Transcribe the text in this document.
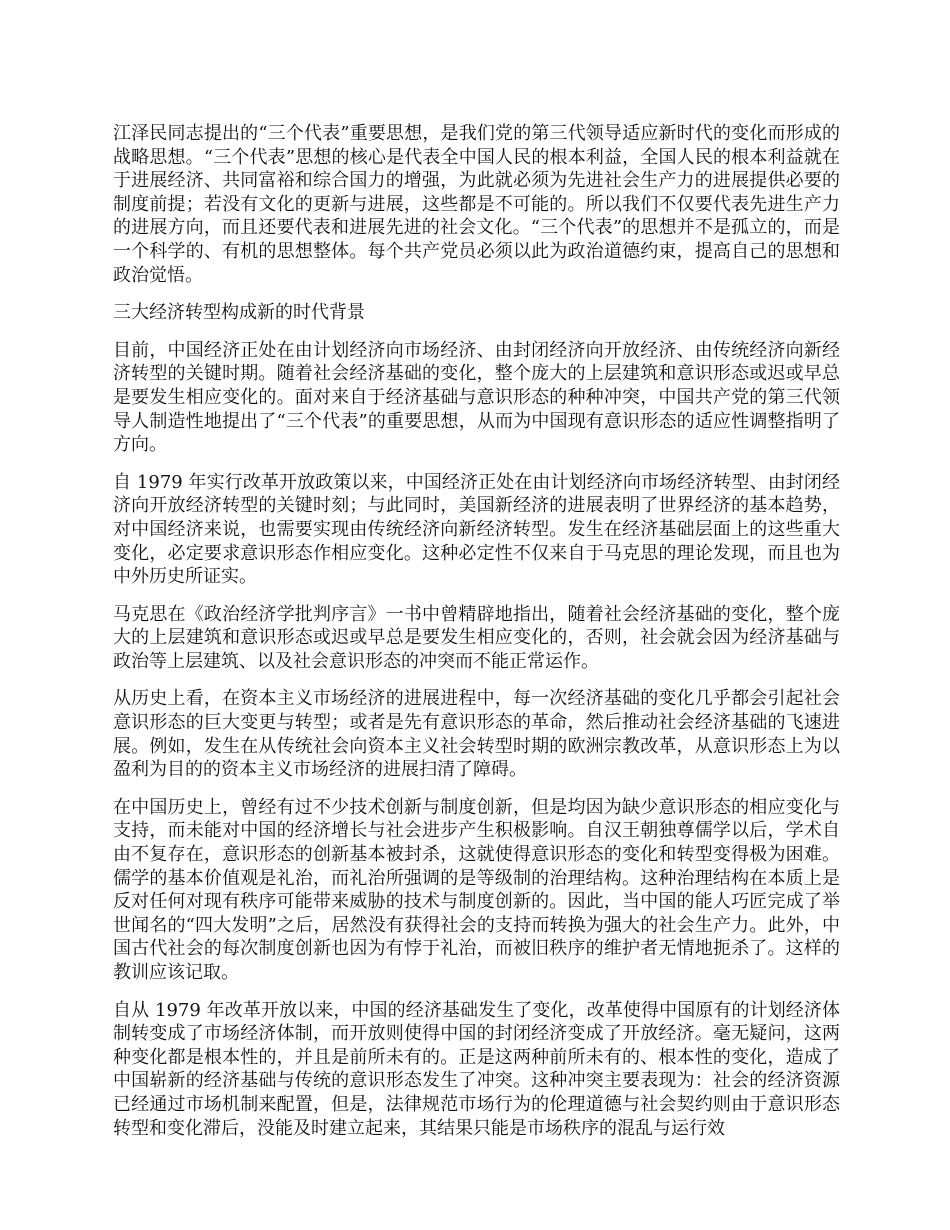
江泽民同志提出的“三个代表”重要思想，是我们党的第三代领导适应新时代的变化而形成的战略思想。“三个代表”思想的核心是代表全中国人民的根本利益，全国人民的根本利益就在于进展经济、共同富裕和综合国力的增强，为此就必须为先进社会生产力的进展提供必要的制度前提；若没有文化的更新与进展，这些都是不可能的。所以我们不仅要代表先进生产力的进展方向，而且还要代表和进展先进的社会文化。“三个代表”的思想并不是孤立的，而是一个科学的、有机的思想整体。每个共产党员必须以此为政治道德约束，提高自己的思想和政治觉悟。

三大经济转型构成新的时代背景

目前，中国经济正处在由计划经济向市场经济、由封闭经济向开放经济、由传统经济向新经济转型的关键时期。随着社会经济基础的变化，整个庞大的上层建筑和意识形态或迟或早总是要发生相应变化的。面对来自于经济基础与意识形态的种种冲突，中国共产党的第三代领导人制造性地提出了“三个代表”的重要思想，从而为中国现有意识形态的适应性调整指明了方向。

自 1979 年实行改革开放政策以来，中国经济正处在由计划经济向市场经济转型、由封闭经济向开放经济转型的关键时刻；与此同时，美国新经济的进展表明了世界经济的基本趋势，对中国经济来说，也需要实现由传统经济向新经济转型。发生在经济基础层面上的这些重大变化，必定要求意识形态作相应变化。这种必定性不仅来自于马克思的理论发现，而且也为中外历史所证实。

马克思在《政治经济学批判序言》一书中曾精辟地指出，随着社会经济基础的变化，整个庞大的上层建筑和意识形态或迟或早总是要发生相应变化的，否则，社会就会因为经济基础与政治等上层建筑、以及社会意识形态的冲突而不能正常运作。

从历史上看，在资本主义市场经济的进展进程中，每一次经济基础的变化几乎都会引起社会意识形态的巨大变更与转型；或者是先有意识形态的革命，然后推动社会经济基础的飞速进展。例如，发生在从传统社会向资本主义社会转型时期的欧洲宗教改革，从意识形态上为以盈利为目的的资本主义市场经济的进展扫清了障碍。

在中国历史上，曾经有过不少技术创新与制度创新，但是均因为缺少意识形态的相应变化与支持，而未能对中国的经济增长与社会进步产生积极影响。自汉王朝独尊儒学以后，学术自由不复存在，意识形态的创新基本被封杀，这就使得意识形态的变化和转型变得极为困难。儒学的基本价值观是礼治，而礼治所强调的是等级制的治理结构。这种治理结构在本质上是反对任何对现有秩序可能带来威胁的技术与制度创新的。因此，当中国的能人巧匠完成了举世闻名的“四大发明”之后，居然没有获得社会的支持而转换为强大的社会生产力。此外，中国古代社会的每次制度创新也因为有悖于礼治，而被旧秩序的维护者无情地扼杀了。这样的教训应该记取。

自从 1979 年改革开放以来，中国的经济基础发生了变化，改革使得中国原有的计划经济体制转变成了市场经济体制，而开放则使得中国的封闭经济变成了开放经济。毫无疑问，这两种变化都是根本性的，并且是前所未有的。正是这两种前所未有的、根本性的变化，造成了中国崭新的经济基础与传统的意识形态发生了冲突。这种冲突主要表现为：社会的经济资源已经通过市场机制来配置，但是，法律规范市场行为的伦理道德与社会契约则由于意识形态转型和变化滞后，没能及时建立起来，其结果只能是市场秩序的混乱与运行效
